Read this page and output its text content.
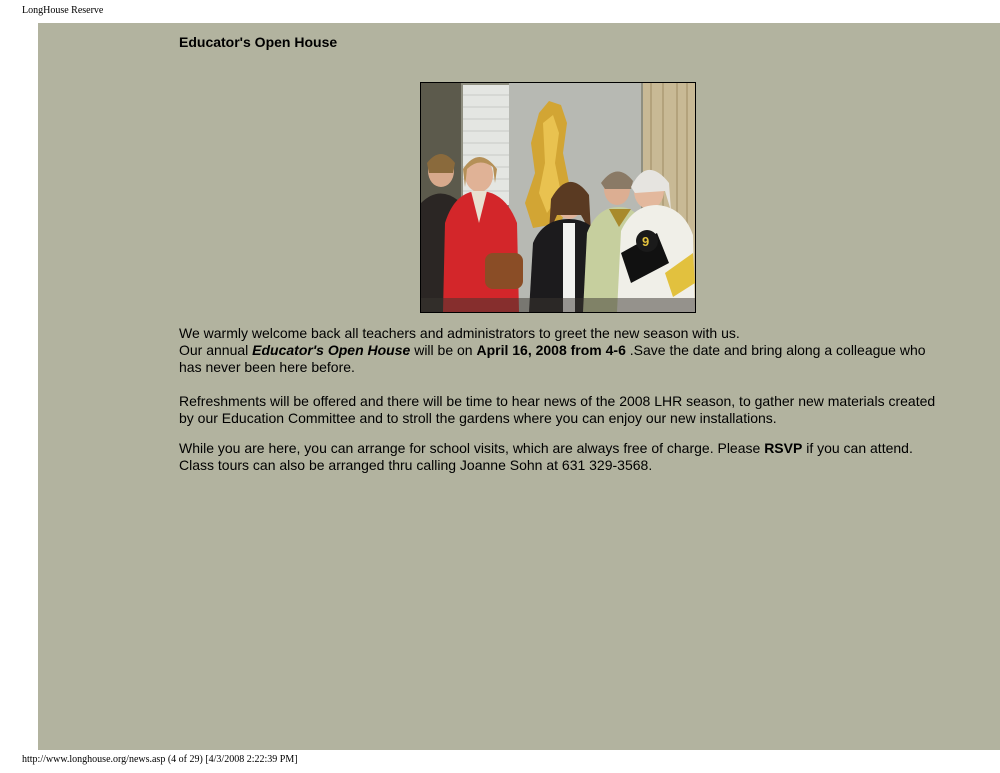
LongHouse Reserve
Educator's Open House
9

We warmly welcome back all teachers and administrators to greet the new season with us.
Our annual Educator's Open House will be on April 16, 2008 from 4-6 .Save the date and bring along a colleague who has never been here before.

Refreshments will be offered and there will be time to hear news of the 2008 LHR season, to gather new materials created by our Education Committee and to stroll the gardens where you can enjoy our new installations.

While you are here, you can arrange for school visits, which are always free of charge. Please RSVP if you can attend. Class tours can also be arranged thru calling Joanne Sohn at 631 329-3568.

http://www.longhouse.org/news.asp (4 of 29) [4/3/2008 2:22:39 PM]
